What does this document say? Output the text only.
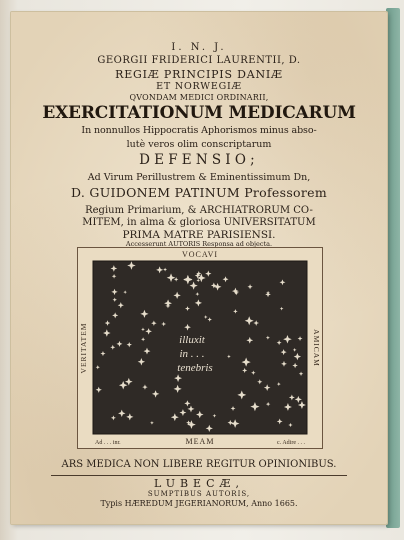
I. N. J.
GEORGII FRIDERICI LAURENTII, D.
REGIÆ PRINCIPIS DANIÆ
ET NORWEGIÆ
QVONDAM MEDICI ORDINARII,
EXERCITATIONUM MEDICARUM
In nonnullos Hippocratis Aphorismos minus abso-
lutè veros olim conscriptarum
DEFENSIO;
Ad Virum Perillustrem & Eminentissimum Dn,
D. GUIDONEM PATINUM Professorem
Regium Primarium, & ARCHIATRORUM CO-
MITEM, in alma & gloriosa UNIVERSITATUM
PRIMA MATRE PARISIENSI.
Accesserunt AUTORIS Responsa ad objecta.
VOCAVI
VERITATEM	AMICAM
MEAM
Ad . . . inr.	c. Adire . . .
illuxit
in . . .
tenebris
ARS MEDICA NON LIBERE REGITUR OPINIONIBUS.
LUBECÆ,
SUMPTIBUS AUTORIS,
Typis HÆREDUM JEGERIANORUM, Anno 1665.
